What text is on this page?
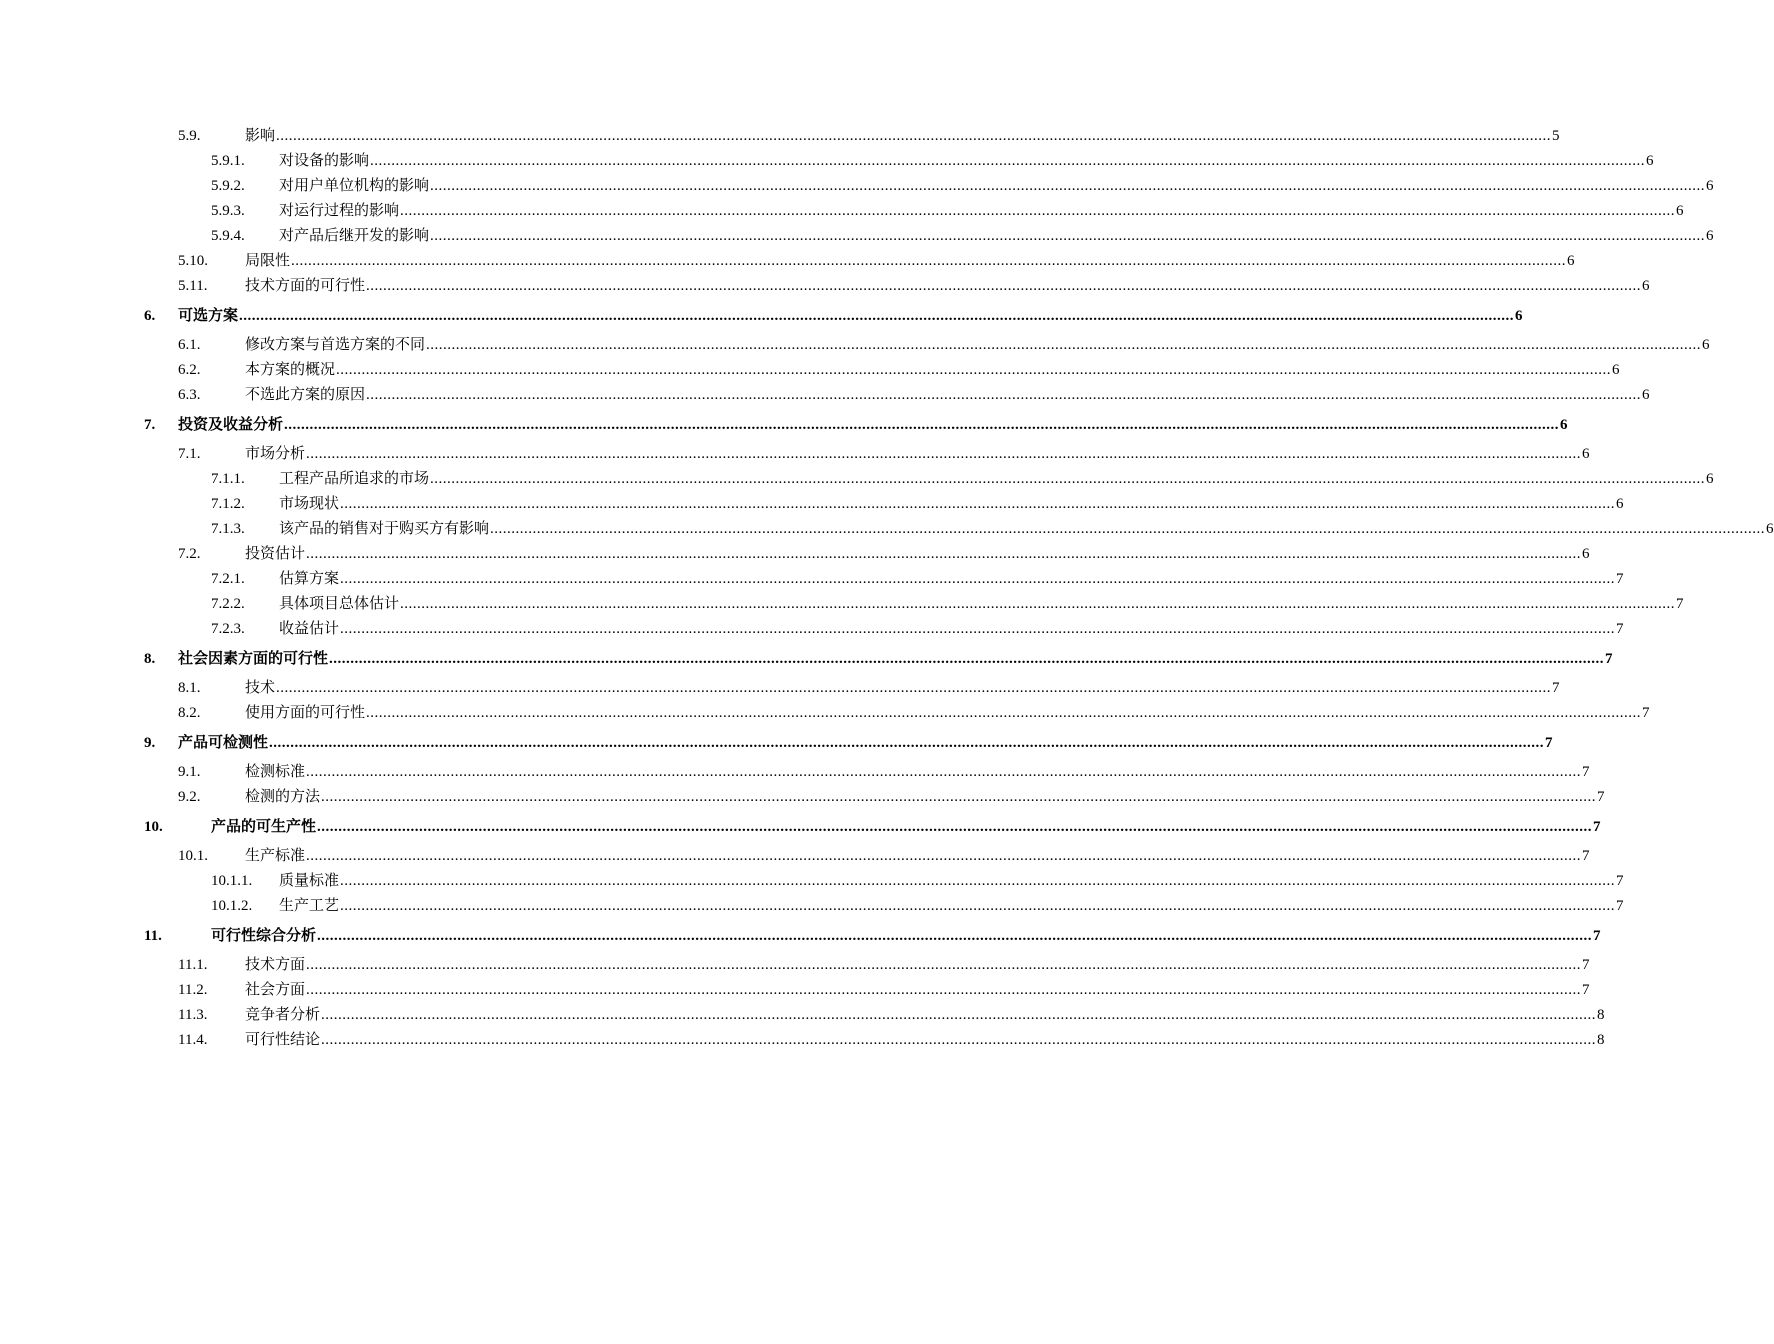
5.9.	影响 ............................................................................................................................................................................................................................................................................................................ 5
5.9.1. 对设备的影响 ............................................................................................................................................................................................................................................................................................................ 6
5.9.2. 对用户单位机构的影响 ............................................................................................................................................................................................................................................................................................................ 6
5.9.3. 对运行过程的影响 ............................................................................................................................................................................................................................................................................................................ 6
5.9.4. 对产品后继开发的影响 ............................................................................................................................................................................................................................................................................................................ 6
5.10. 局限性 ............................................................................................................................................................................................................................................................................................................ 6
5.11.	技术方面的可行性 ............................................................................................................................................................................................................................................................................................................ 6
6. 可选方案 ............................................................................................................................................................................................................................................................................................................ 6
6.1.	修改方案与首选方案的不同 ............................................................................................................................................................................................................................................................................................................ 6
6.2.	本方案的概况 ............................................................................................................................................................................................................................................................................................................ 6
6.3.	不选此方案的原因 ............................................................................................................................................................................................................................................................................................................ 6
7. 投资及收益分析 ............................................................................................................................................................................................................................................................................................................ 6
7.1.	市场分析 ............................................................................................................................................................................................................................................................................................................ 6
7.1.1. 工程产品所追求的市场 ............................................................................................................................................................................................................................................................................................................ 6
7.1.2. 市场现状 ............................................................................................................................................................................................................................................................................................................ 6
7.1.3. 该产品的销售对于购买方有影响 ............................................................................................................................................................................................................................................................................................................ 6
7.2.	投资估计 ............................................................................................................................................................................................................................................................................................................ 6
7.2.1. 估算方案 ............................................................................................................................................................................................................................................................................................................ 7
7.2.2. 具体项目总体估计 ............................................................................................................................................................................................................................................................................................................ 7
7.2.3. 收益估计 ............................................................................................................................................................................................................................................................................................................ 7
8. 社会因素方面的可行性 ............................................................................................................................................................................................................................................................................................................ 7
8.1.	技术 ............................................................................................................................................................................................................................................................................................................ 7
8.2.	使用方面的可行性 ............................................................................................................................................................................................................................................................................................................ 7
9. 产品可检测性 ............................................................................................................................................................................................................................................................................................................ 7
9.1.	检测标准 ............................................................................................................................................................................................................................................................................................................ 7
9.2.	检测的方法 ............................................................................................................................................................................................................................................................................................................ 7
10.	产品的可生产性 ............................................................................................................................................................................................................................................................................................................ 7
10.1. 生产标准 ............................................................................................................................................................................................................................................................................................................ 7
10.1.1. 质量标准 ............................................................................................................................................................................................................................................................................................................ 7
10.1.2. 生产工艺 ............................................................................................................................................................................................................................................................................................................ 7
11.	可行性综合分析 ............................................................................................................................................................................................................................................................................................................ 7
11.1.	技术方面 ............................................................................................................................................................................................................................................................................................................ 7
11.2.	社会方面 ............................................................................................................................................................................................................................................................................................................ 7
11.3.	竞争者分析 ............................................................................................................................................................................................................................................................................................................ 8
11.4.	可行性结论 ............................................................................................................................................................................................................................................................................................................ 8
